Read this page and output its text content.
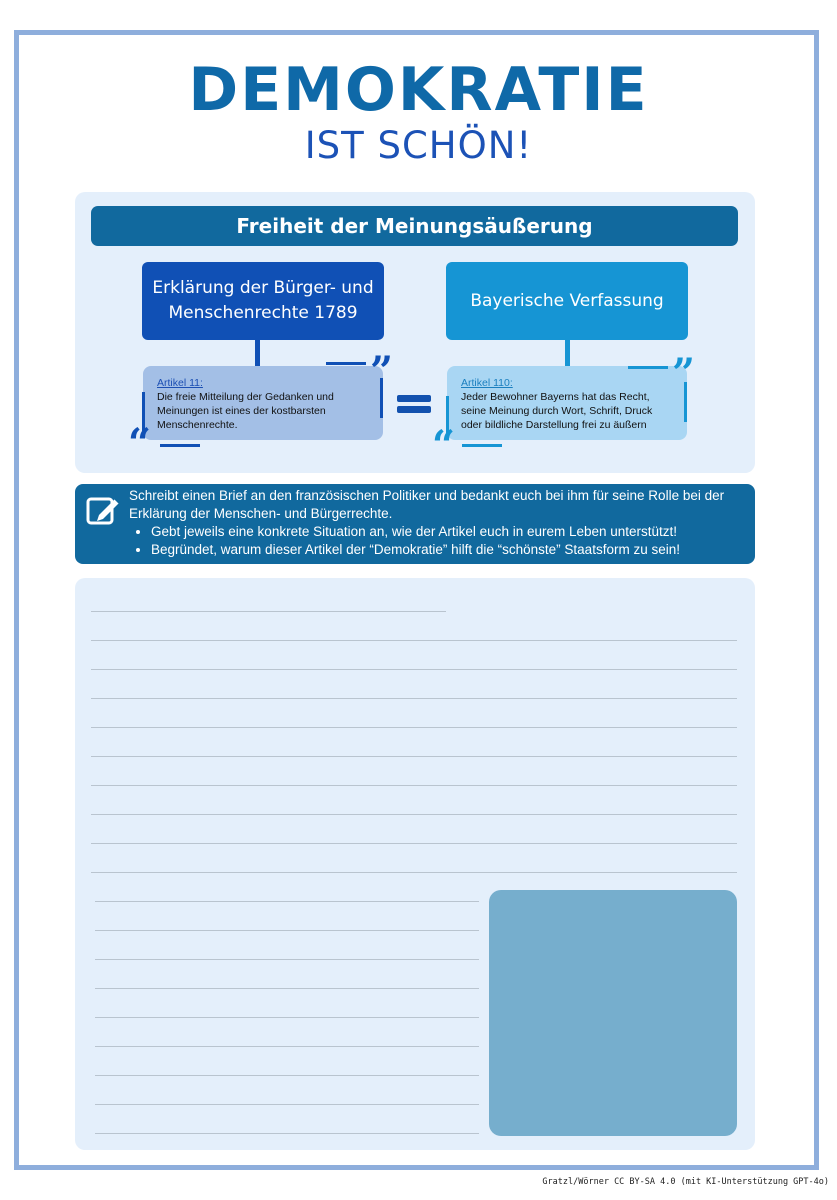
DEMOKRATIE
IST SCHÖN!
Freiheit der Meinungsäußerung
Erklärung der Bürger- und
Menschenrechte 1789
Bayerische Verfassung
Artikel 11:
Die freie Mitteilung der Gedanken und Meinungen ist eines der kostbarsten Menschenrechte.
Artikel 110:
Jeder Bewohner Bayerns hat das Recht, seine Meinung durch Wort, Schrift, Druck oder bildliche Darstellung frei zu äußern
”
“
”
“

Schreibt einen Brief an den französischen Politiker und bedankt euch bei ihm für seine Rolle bei der Erklärung der Menschen- und Bürgerrechte.

• Gebt jeweils eine konkrete Situation an, wie der Artikel euch in eurem Leben unterstützt!
• Begründet, warum dieser Artikel der “Demokratie” hilft die “schönste” Staatsform zu sein!
Gratzl/Wörner CC BY-SA 4.0 (mit KI-Unterstützung GPT-4o)
